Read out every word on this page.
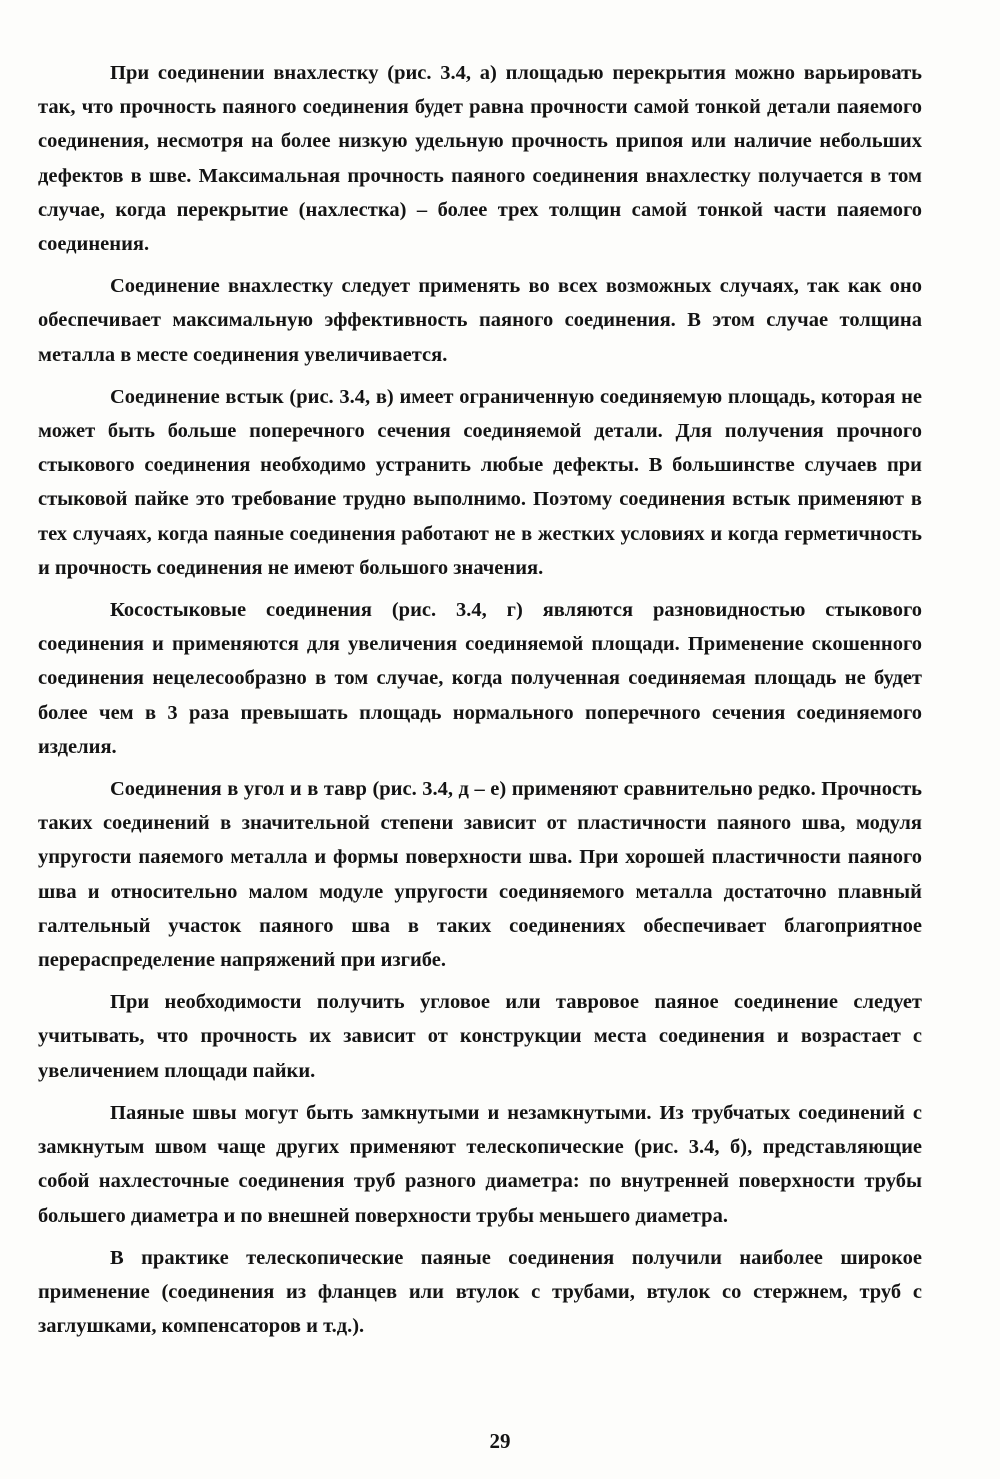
При соединении внахлестку (рис. 3.4, а) площадью перекрытия можно варьировать так, что прочность паяного соединения будет равна прочности самой тонкой детали паяемого соединения, несмотря на более низкую удельную прочность припоя или наличие небольших дефектов в шве. Максимальная прочность паяного соединения внахлестку получается в том случае, когда перекрытие (нахлестка) – более трех толщин самой тонкой части паяемого соединения.

Соединение внахлестку следует применять во всех возможных случаях, так как оно обеспечивает максимальную эффективность паяного соединения. В этом случае толщина металла в месте соединения увеличивается.

Соединение встык (рис. 3.4, в) имеет ограниченную соединяемую площадь, которая не может быть больше поперечного сечения соединяемой детали. Для получения прочного стыкового соединения необходимо устранить любые дефекты. В большинстве случаев при стыковой пайке это требование трудно выполнимо. Поэтому соединения встык применяют в тех случаях, когда паяные соединения работают не в жестких условиях и когда герметичность и прочность соединения не имеют большого значения.

Косостыковые соединения (рис. 3.4, г) являются разновидностью стыкового соединения и применяются для увеличения соединяемой площади. Применение скошенного соединения нецелесообразно в том случае, когда полученная соединяемая площадь не будет более чем в 3 раза превышать площадь нормального поперечного сечения соединяемого изделия.

Соединения в угол и в тавр (рис. 3.4, д – е) применяют сравнительно редко. Прочность таких соединений в значительной степени зависит от пластичности паяного шва, модуля упругости паяемого металла и формы поверхности шва. При хорошей пластичности паяного шва и относительно малом модуле упругости соединяемого металла достаточно плавный галтельный участок паяного шва в таких соединениях обеспечивает благоприятное перераспределение напряжений при изгибе.

При необходимости получить угловое или тавровое паяное соединение следует учитывать, что прочность их зависит от конструкции места соединения и возрастает с увеличением площади пайки.

Паяные швы могут быть замкнутыми и незамкнутыми. Из трубчатых соединений с замкнутым швом чаще других применяют телескопические (рис. 3.4, б), представляющие собой нахлесточные соединения труб разного диаметра: по внутренней поверхности трубы большего диаметра и по внешней поверхности трубы меньшего диаметра.

В практике телескопические паяные соединения получили наиболее широкое применение (соединения из фланцев или втулок с трубами, втулок со стержнем, труб с заглушками, компенсаторов и т.д.).

29
